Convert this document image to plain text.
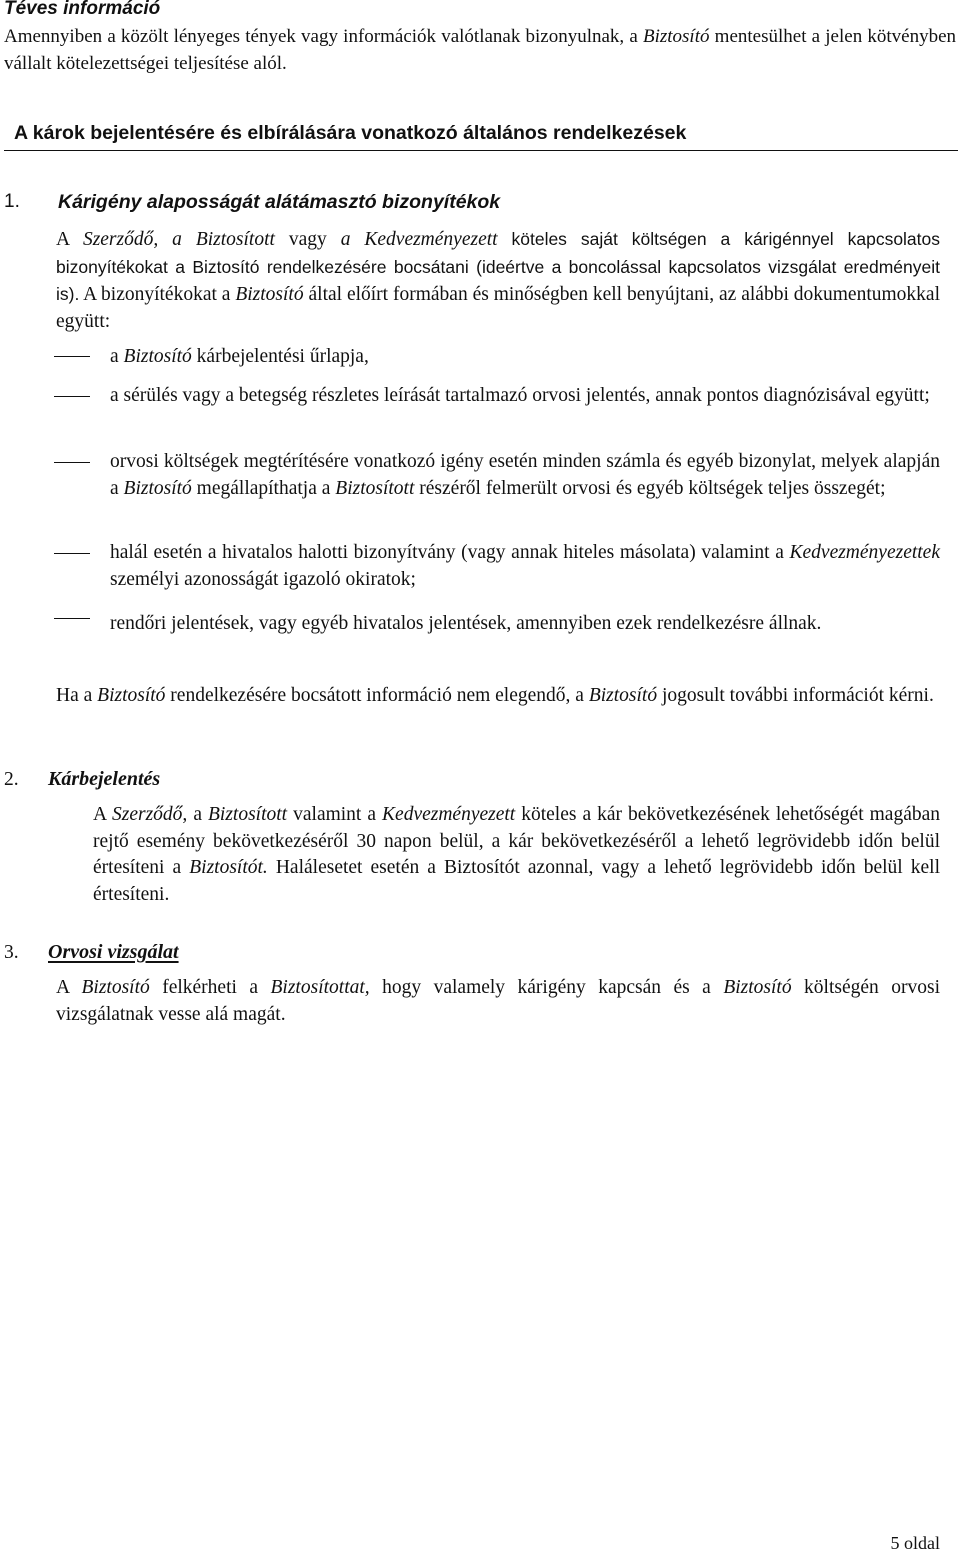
Téves információ

Amennyiben a közölt lényeges tények vagy információk valótlanak bizonyulnak, a Biztosító mentesülhet a jelen kötvényben vállalt kötelezettségei teljesítése alól.

A károk bejelentésére és elbírálására vonatkozó általános rendelkezések
1. Kárigény alaposságát alátámasztó bizonyítékok

A Szerződő, a Biztosított vagy a Kedvezményezett köteles saját költségen a kárigénnyel kapcsolatos bizonyítékokat a Biztosító rendelkezésére bocsátani (ideértve a boncolással kapcsolatos vizsgálat eredményeit is). A bizonyítékokat a Biztosító által előírt formában és minőségben kell benyújtani, az alábbi dokumentumokkal együtt:

a Biztosító kárbejelentési űrlapja,

a sérülés vagy a betegség részletes leírását tartalmazó orvosi jelentés, annak pontos diagnózisával együtt;

orvosi költségek megtérítésére vonatkozó igény esetén minden számla és egyéb bizonylat, melyek alapján a Biztosító megállapíthatja a Biztosított részéről felmerült orvosi és egyéb költségek teljes összegét;

halál esetén a hivatalos halotti bizonyítvány (vagy annak hiteles másolata) valamint a Kedvezményezettek személyi azonosságát igazoló okiratok;

rendőri jelentések, vagy egyéb hivatalos jelentések, amennyiben ezek rendelkezésre állnak.

Ha a Biztosító rendelkezésére bocsátott információ nem elegendő, a Biztosító jogosult további információt kérni.

2. Kárbejelentés

A Szerződő, a Biztosított valamint a Kedvezményezett köteles a kár bekövetkezésének lehetőségét magában rejtő esemény bekövetkezéséről 30 napon belül, a kár bekövetkezéséről a lehető legrövidebb időn belül értesíteni a Biztosítót. Halálesetet esetén a Biztosítót azonnal, vagy a lehető legrövidebb időn belül kell értesíteni.

3. Orvosi vizsgálat

A Biztosító felkérheti a Biztosítottat, hogy valamely kárigény kapcsán és a Biztosító költségén orvosi vizsgálatnak vesse alá magát.

5 oldal
